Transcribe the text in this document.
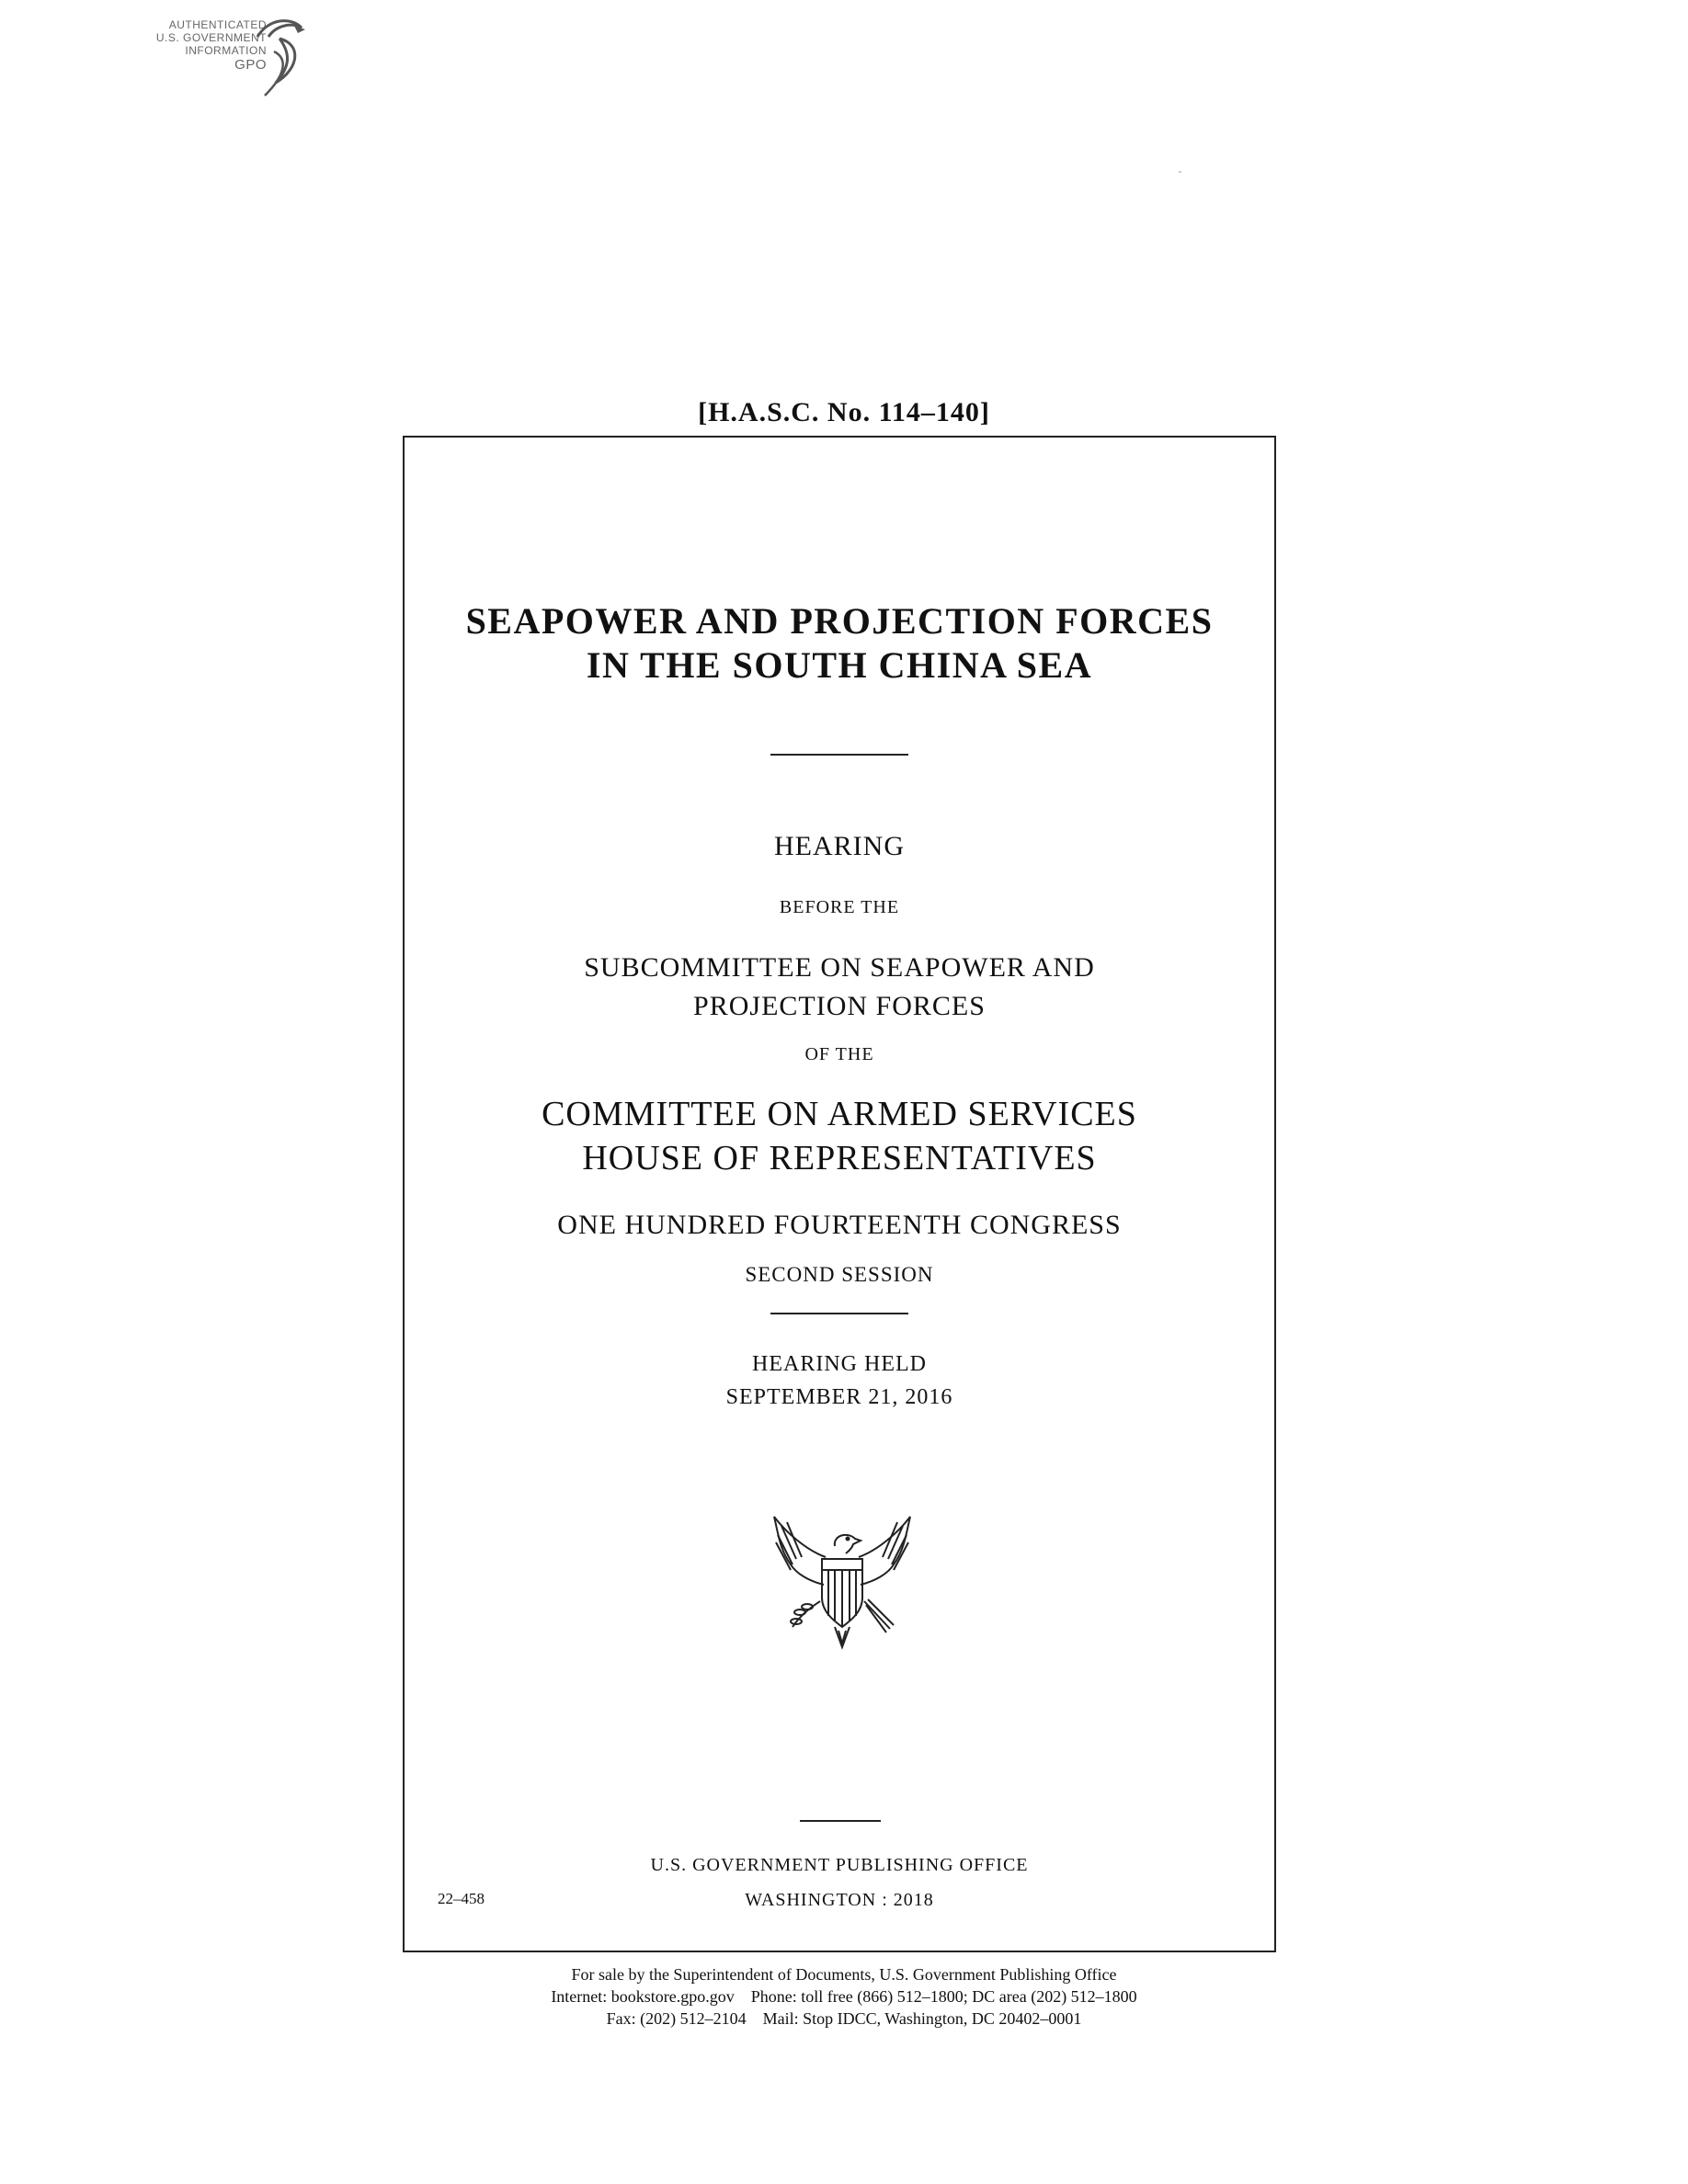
AUTHENTICATED
U.S. GOVERNMENT
INFORMATION
GPO
[H.A.S.C. No. 114–140]
SEAPOWER AND PROJECTION FORCES
IN THE SOUTH CHINA SEA
HEARING
BEFORE THE
SUBCOMMITTEE ON SEAPOWER AND
PROJECTION FORCES
OF THE
COMMITTEE ON ARMED SERVICES
HOUSE OF REPRESENTATIVES
ONE HUNDRED FOURTEENTH CONGRESS
SECOND SESSION
HEARING HELD
SEPTEMBER 21, 2016
U.S. GOVERNMENT PUBLISHING OFFICE
22–458	WASHINGTON : 2018
For sale by the Superintendent of Documents, U.S. Government Publishing Office
Internet: bookstore.gpo.gov    Phone: toll free (866) 512–1800; DC area (202) 512–1800
Fax: (202) 512–2104    Mail: Stop IDCC, Washington, DC 20402–0001
